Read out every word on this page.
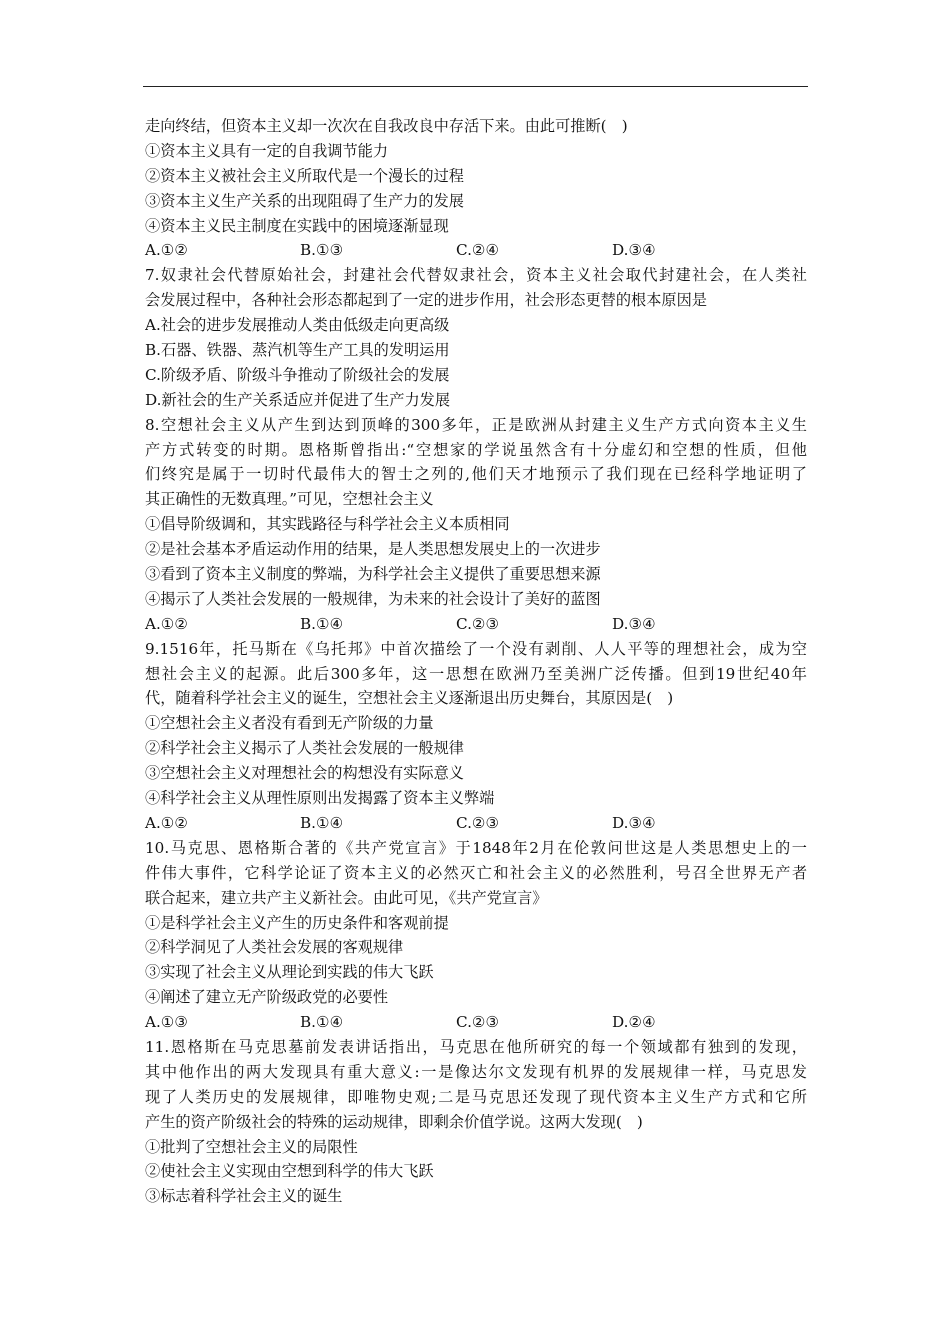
走向终结，但资本主义却一次次在自我改良中存活下来。由此可推断(　)
①资本主义具有一定的自我调节能力
②资本主义被社会主义所取代是一个漫长的过程
③资本主义生产关系的出现阻碍了生产力的发展
④资本主义民主制度在实践中的困境逐渐显现
A.①②	B.①③	C.②④	D.③④
7.奴隶社会代替原始社会，封建社会代替奴隶社会，资本主义社会取代封建社会，在人类社
会发展过程中，各种社会形态都起到了一定的进步作用，社会形态更替的根本原因是
A.社会的进步发展推动人类由低级走向更高级
B.石器、铁器、蒸汽机等生产工具的发明运用
C.阶级矛盾、阶级斗争推动了阶级社会的发展
D.新社会的生产关系适应并促进了生产力发展
8.空想社会主义从产生到达到顶峰的300多年，正是欧洲从封建主义生产方式向资本主义生
产方式转变的时期。恩格斯曾指出:“空想家的学说虽然含有十分虚幻和空想的性质，但他
们终究是属于一切时代最伟大的智士之列的,他们天才地预示了我们现在已经科学地证明了
其正确性的无数真理。”可见，空想社会主义
①倡导阶级调和，其实践路径与科学社会主义本质相同
②是社会基本矛盾运动作用的结果，是人类思想发展史上的一次进步
③看到了资本主义制度的弊端，为科学社会主义提供了重要思想来源
④揭示了人类社会发展的一般规律，为未来的社会设计了美好的蓝图
A.①②	B.①④	C.②③	D.③④
9.1516年，托马斯在《乌托邦》中首次描绘了一个没有剥削、人人平等的理想社会，成为空
想社会主义的起源。此后300多年，这一思想在欧洲乃至美洲广泛传播。但到19世纪40年
代，随着科学社会主义的诞生，空想社会主义逐渐退出历史舞台，其原因是(　)
①空想社会主义者没有看到无产阶级的力量
②科学社会主义揭示了人类社会发展的一般规律
③空想社会主义对理想社会的构想没有实际意义
④科学社会主义从理性原则出发揭露了资本主义弊端
A.①②	B.①④	C.②③	D.③④
10.马克思、恩格斯合著的《共产党宣言》于1848年2月在伦敦问世这是人类思想史上的一
件伟大事件，它科学论证了资本主义的必然灭亡和社会主义的必然胜利，号召全世界无产者
联合起来，建立共产主义新社会。由此可见，《共产党宣言》
①是科学社会主义产生的历史条件和客观前提
②科学洞见了人类社会发展的客观规律
③实现了社会主义从理论到实践的伟大飞跃
④阐述了建立无产阶级政党的必要性
A.①③	B.①④	C.②③	D.②④
11.恩格斯在马克思墓前发表讲话指出，马克思在他所研究的每一个领域都有独到的发现，
其中他作出的两大发现具有重大意义:一是像达尔文发现有机界的发展规律一样，马克思发
现了人类历史的发展规律，即唯物史观;二是马克思还发现了现代资本主义生产方式和它所
产生的资产阶级社会的特殊的运动规律，即剩余价值学说。这两大发现(　)
①批判了空想社会主义的局限性
②使社会主义实现由空想到科学的伟大飞跃
③标志着科学社会主义的诞生
